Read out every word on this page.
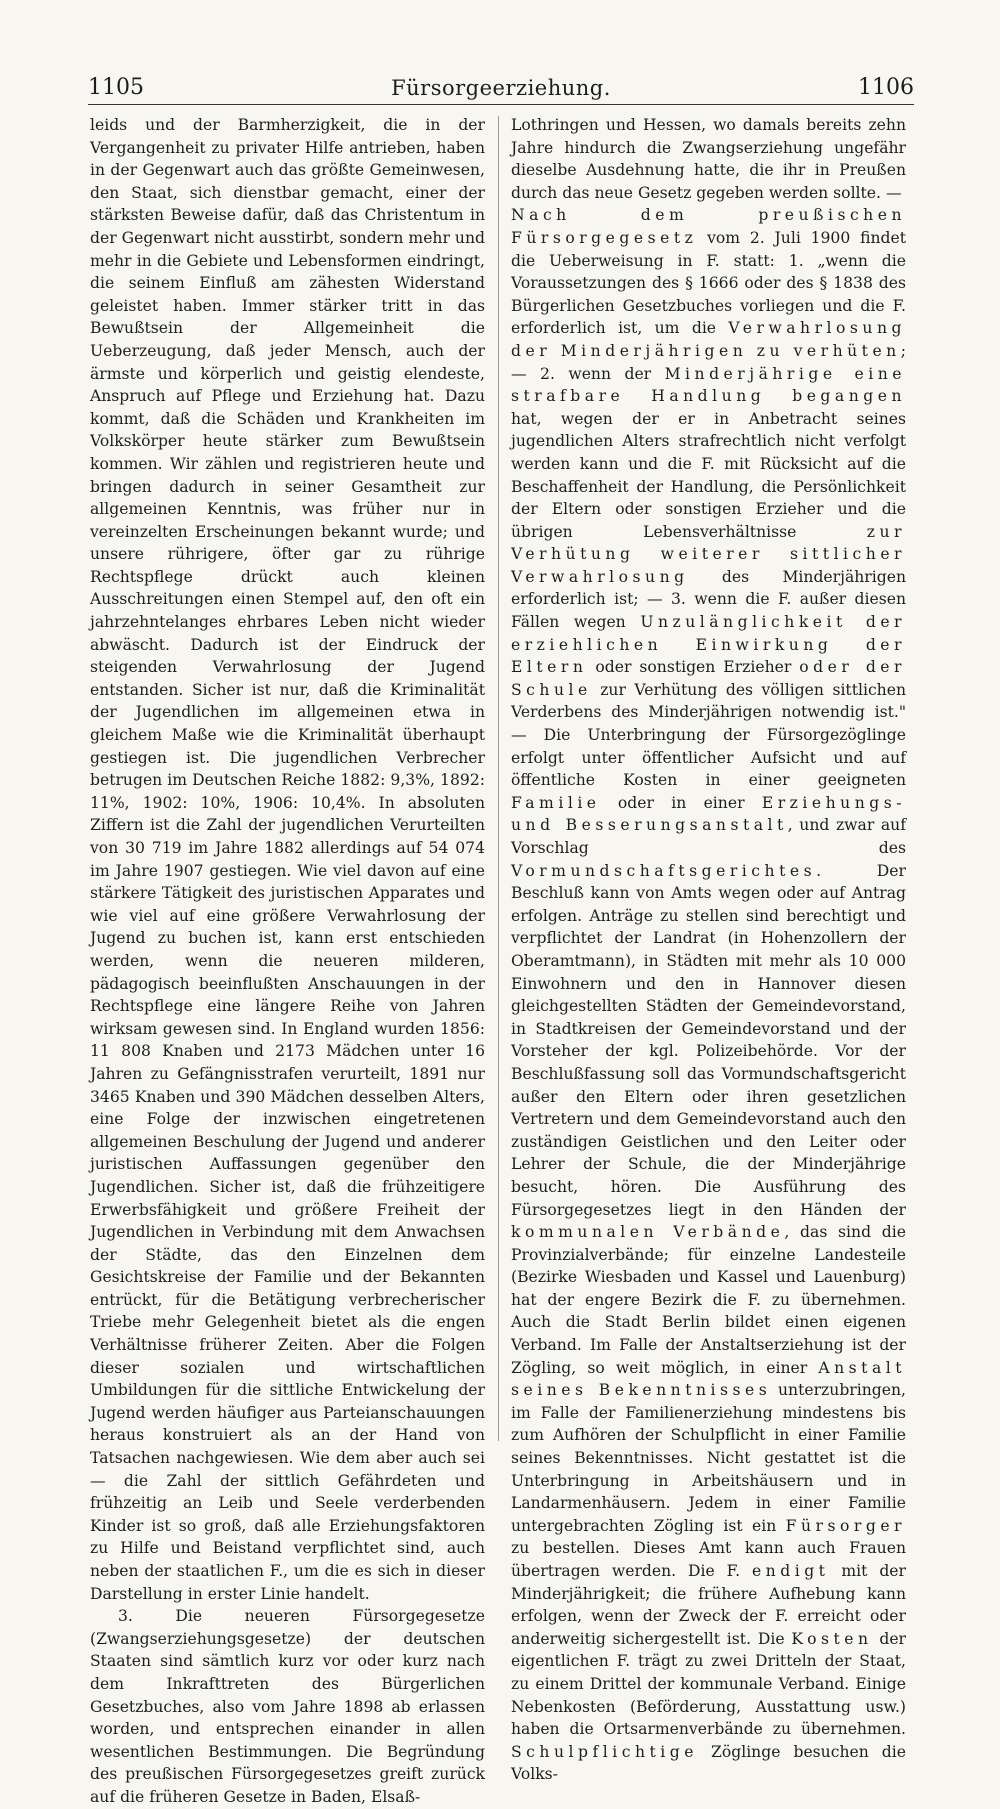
1105	Fürsorgeerziehung.	1106

leids und der Barmherzigkeit, die in der Vergangenheit zu privater Hilfe antrieben, haben in der Gegenwart auch das größte Gemeinwesen, den Staat, sich dienstbar gemacht, einer der stärksten Beweise dafür, daß das Christentum in der Gegenwart nicht ausstirbt, sondern mehr und mehr in die Gebiete und Lebensformen eindringt, die seinem Einfluß am zähesten Widerstand geleistet haben. Immer stärker tritt in das Bewußtsein der Allgemeinheit die Ueberzeugung, daß jeder Mensch, auch der ärmste und körperlich und geistig elendeste, Anspruch auf Pflege und Erziehung hat. Dazu kommt, daß die Schäden und Krankheiten im Volkskörper heute stärker zum Bewußtsein kommen. Wir zählen und registrieren heute und bringen dadurch in seiner Gesamtheit zur allgemeinen Kenntnis, was früher nur in vereinzelten Erscheinungen bekannt wurde; und unsere rührigere, öfter gar zu rührige Rechtspflege drückt auch kleinen Ausschreitungen einen Stempel auf, den oft ein jahrzehntelanges ehrbares Leben nicht wieder abwäscht. Dadurch ist der Eindruck der steigenden Verwahrlosung der Jugend entstanden. Sicher ist nur, daß die Kriminalität der Jugendlichen im allgemeinen etwa in gleichem Maße wie die Kriminalität überhaupt gestiegen ist. Die jugendlichen Verbrecher betrugen im Deutschen Reiche 1882: 9,3%, 1892: 11%, 1902: 10%, 1906: 10,4%. In absoluten Ziffern ist die Zahl der jugendlichen Verurteilten von 30 719 im Jahre 1882 allerdings auf 54 074 im Jahre 1907 gestiegen. Wie viel davon auf eine stärkere Tätigkeit des juristischen Apparates und wie viel auf eine größere Verwahrlosung der Jugend zu buchen ist, kann erst entschieden werden, wenn die neueren milderen, pädagogisch beeinflußten Anschauungen in der Rechtspflege eine längere Reihe von Jahren wirksam gewesen sind. In England wurden 1856: 11 808 Knaben und 2173 Mädchen unter 16 Jahren zu Gefängnisstrafen verurteilt, 1891 nur 3465 Knaben und 390 Mädchen desselben Alters, eine Folge der inzwischen eingetretenen allgemeinen Beschulung der Jugend und anderer juristischen Auffassungen gegenüber den Jugendlichen. Sicher ist, daß die frühzeitigere Erwerbsfähigkeit und größere Freiheit der Jugendlichen in Verbindung mit dem Anwachsen der Städte, das den Einzelnen dem Gesichtskreise der Familie und der Bekannten entrückt, für die Betätigung verbrecherischer Triebe mehr Gelegenheit bietet als die engen Verhältnisse früherer Zeiten. Aber die Folgen dieser sozialen und wirtschaftlichen Umbildungen für die sittliche Entwickelung der Jugend werden häufiger aus Parteianschauungen heraus konstruiert als an der Hand von Tatsachen nachgewiesen. Wie dem aber auch sei — die Zahl der sittlich Gefährdeten und frühzeitig an Leib und Seele verderbenden Kinder ist so groß, daß alle Erziehungsfaktoren zu Hilfe und Beistand verpflichtet sind, auch neben der staatlichen F., um die es sich in dieser Darstellung in erster Linie handelt.

3. Die neueren Fürsorgegesetze (Zwangserziehungsgesetze) der deutschen Staaten sind sämtlich kurz vor oder kurz nach dem Inkrafttreten des Bürgerlichen Gesetzbuches, also vom Jahre 1898 ab erlassen worden, und entsprechen einander in allen wesentlichen Bestimmungen. Die Begründung des preußischen Fürsorgegesetzes greift zurück auf die früheren Gesetze in Baden, Elsaß-

Lothringen und Hessen, wo damals bereits zehn Jahre hindurch die Zwangserziehung ungefähr dieselbe Ausdehnung hatte, die ihr in Preußen durch das neue Gesetz gegeben werden sollte. —
Nach dem preußischen Fürsorgegesetz vom 2. Juli 1900 findet die Ueberweisung in F. statt: 1. „wenn die Voraussetzungen des § 1666 oder des § 1838 des Bürgerlichen Gesetzbuches vorliegen und die F. erforderlich ist, um die Verwahrlosung der Minderjährigen zu verhüten; — 2. wenn der Minderjährige eine strafbare Handlung begangen hat, wegen der er in Anbetracht seines jugendlichen Alters strafrechtlich nicht verfolgt werden kann und die F. mit Rücksicht auf die Beschaffenheit der Handlung, die Persönlichkeit der Eltern oder sonstigen Erzieher und die übrigen Lebensverhältnisse zur Verhütung weiterer sittlicher Verwahrlosung des Minderjährigen erforderlich ist; — 3. wenn die F. außer diesen Fällen wegen Unzulänglichkeit der erziehlichen Einwirkung der Eltern oder sonstigen Erzieher oder der Schule zur Verhütung des völligen sittlichen Verderbens des Minderjährigen notwendig ist." — Die Unterbringung der Fürsorgezöglinge erfolgt unter öffentlicher Aufsicht und auf öffentliche Kosten in einer geeigneten Familie oder in einer Erziehungs- und Besserungsanstalt, und zwar auf Vorschlag des Vormundschaftsgerichtes. Der Beschluß kann von Amts wegen oder auf Antrag erfolgen. Anträge zu stellen sind berechtigt und verpflichtet der Landrat (in Hohenzollern der Oberamtmann), in Städten mit mehr als 10 000 Einwohnern und den in Hannover diesen gleichgestellten Städten der Gemeindevorstand, in Stadtkreisen der Gemeindevorstand und der Vorsteher der kgl. Polizeibehörde. Vor der Beschlußfassung soll das Vormundschaftsgericht außer den Eltern oder ihren gesetzlichen Vertretern und dem Gemeindevorstand auch den zuständigen Geistlichen und den Leiter oder Lehrer der Schule, die der Minderjährige besucht, hören. Die Ausführung des Fürsorgegesetzes liegt in den Händen der kommunalen Verbände, das sind die Provinzialverbände; für einzelne Landesteile (Bezirke Wiesbaden und Kassel und Lauenburg) hat der engere Bezirk die F. zu übernehmen. Auch die Stadt Berlin bildet einen eigenen Verband. Im Falle der Anstaltserziehung ist der Zögling, so weit möglich, in einer Anstalt seines Bekenntnisses unterzubringen, im Falle der Familienerziehung mindestens bis zum Aufhören der Schulpflicht in einer Familie seines Bekenntnisses. Nicht gestattet ist die Unterbringung in Arbeitshäusern und in Landarmenhäusern. Jedem in einer Familie untergebrachten Zögling ist ein Fürsorger zu bestellen. Dieses Amt kann auch Frauen übertragen werden. Die F. endigt mit der Minderjährigkeit; die frühere Aufhebung kann erfolgen, wenn der Zweck der F. erreicht oder anderweitig sichergestellt ist. Die Kosten der eigentlichen F. trägt zu zwei Dritteln der Staat, zu einem Drittel der kommunale Verband. Einige Nebenkosten (Beförderung, Ausstattung usw.) haben die Ortsarmenverbände zu übernehmen. Schulpflichtige Zöglinge besuchen die Volks-
